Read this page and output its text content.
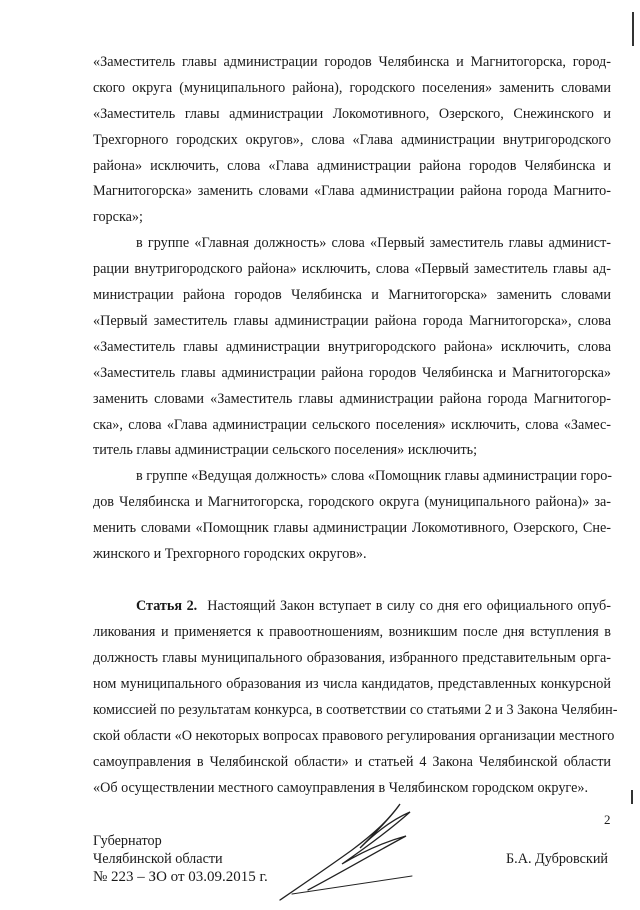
«Заместитель главы администрации городов Челябинска и Магнитогорска, город-
ского округа (муниципального района), городского поселения» заменить словами
«Заместитель главы администрации Локомотивного, Озерского, Снежинского и
Трехгорного городских округов», слова «Глава администрации внутригородского
района» исключить, слова «Глава администрации района городов Челябинска и
Магнитогорска» заменить словами «Глава администрации района города Магнито-
горска»;
в группе «Главная должность» слова «Первый заместитель главы админист-
рации внутригородского района» исключить, слова «Первый заместитель главы ад-
министрации района городов Челябинска и Магнитогорска» заменить словами
«Первый заместитель главы администрации района города Магнитогорска», слова
«Заместитель главы администрации внутригородского района» исключить, слова
«Заместитель главы администрации района городов Челябинска и Магнитогорска»
заменить словами «Заместитель главы администрации района города Магнитогор-
ска», слова «Глава администрации сельского поселения» исключить, слова «Замес-
титель главы администрации сельского поселения» исключить;
в группе «Ведущая должность» слова «Помощник главы администрации горо-
дов Челябинска и Магнитогорска, городского округа (муниципального района)» за-
менить словами «Помощник главы администрации Локомотивного, Озерского, Сне-
жинского и Трехгорного городских округов».
Статья 2. Настоящий Закон вступает в силу со дня его официального опуб-
ликования и применяется к правоотношениям, возникшим после дня вступления в
должность главы муниципального образования, избранного представительным орга-
ном муниципального образования из числа кандидатов, представленных конкурсной
комиссией по результатам конкурса, в соответствии со статьями 2 и 3 Закона Челябин-
ской области «О некоторых вопросах правового регулирования организации местного
самоуправления в Челябинской области» и статьей 4 Закона Челябинской области
«Об осуществлении местного самоуправления в Челябинском городском округе».
Губернатор
Челябинской области	Б.А. Дубровский
2
№ 223 – ЗО от 03.09.2015 г.
